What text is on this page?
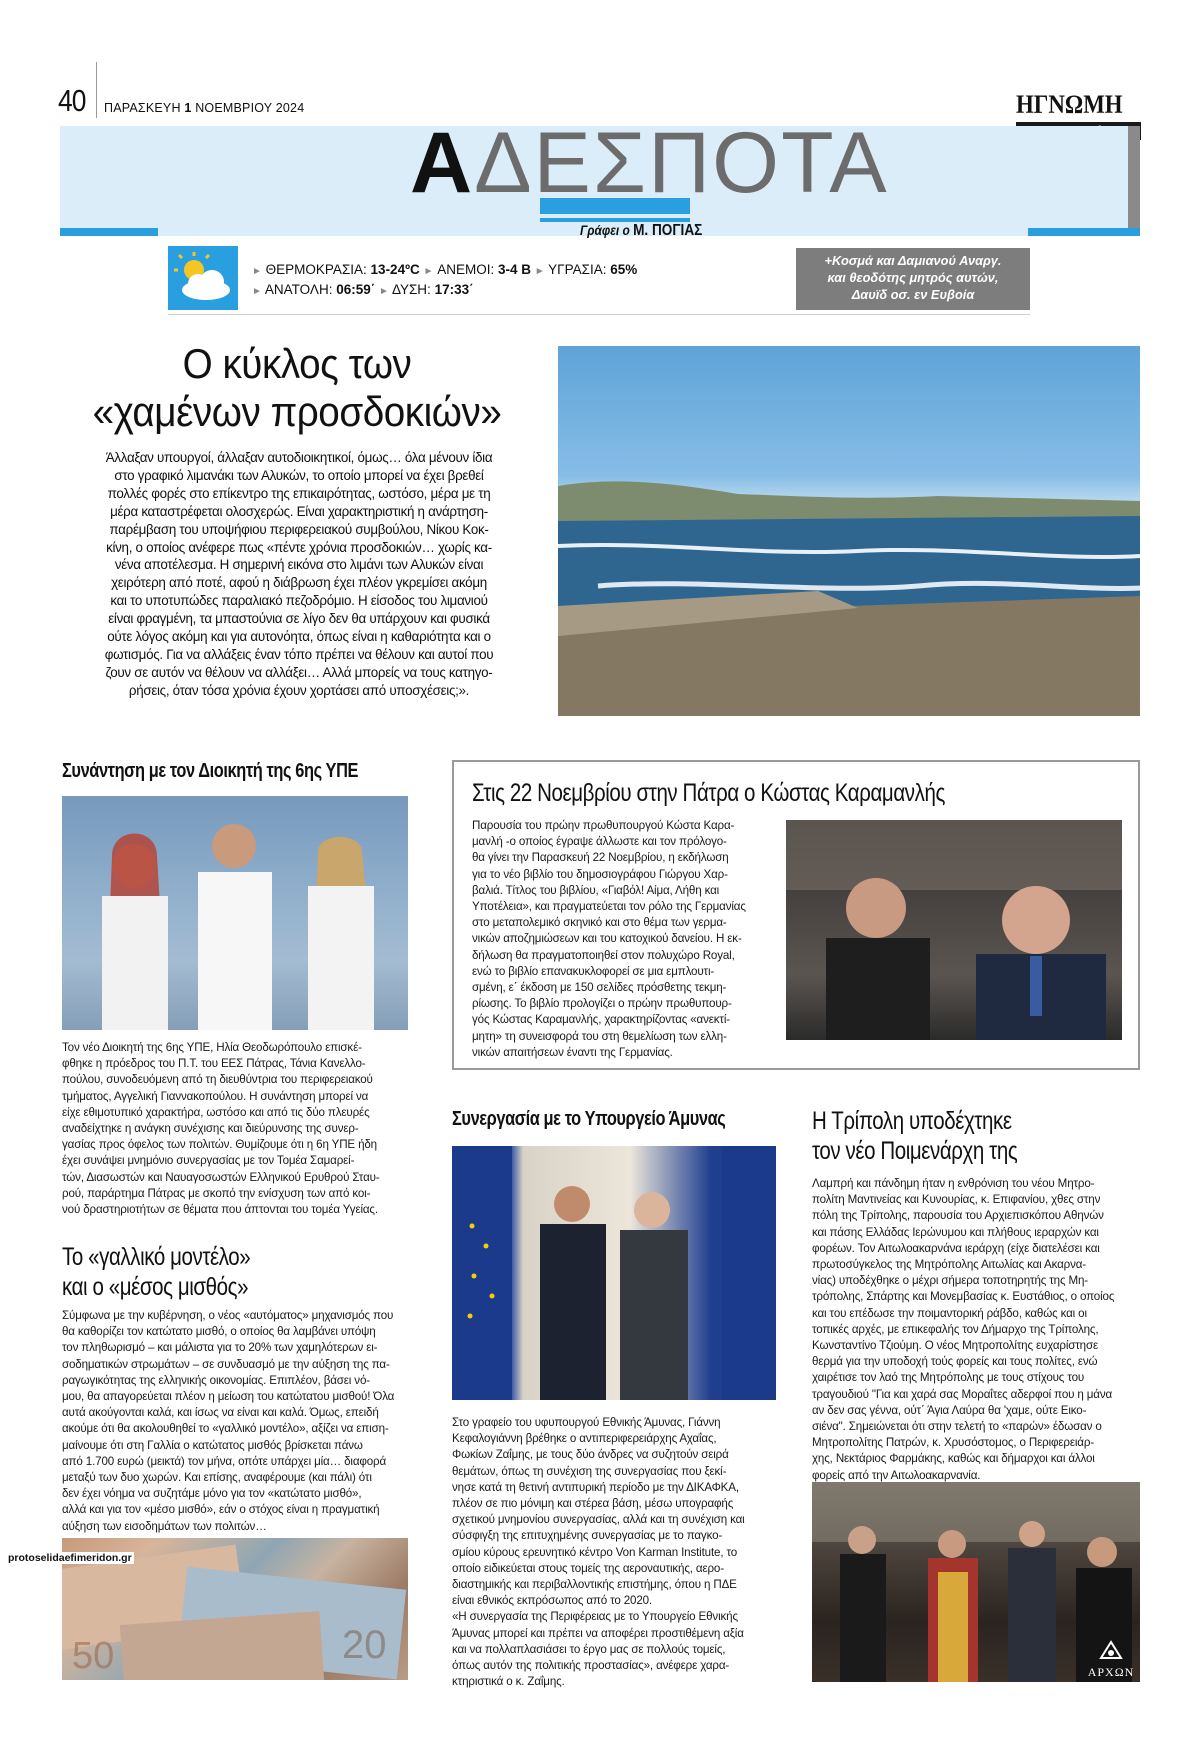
40 ΠΑΡΑΣΚΕΥΗ 1 ΝΟΕΜΒΡΙΟΥ 2024	ΗΓΝΩΜΗ
ΑΔΕΣΠΟΤΑ
Γράφει ο Μ. ΠΟΓΙΑΣ
► ΘΕΡΜΟΚΡΑΣΙΑ: 13-24ºC ► ΑΝΕΜΟΙ: 3-4 Β ► ΥΓΡΑΣΙΑ: 65%
► ΑΝΑΤΟΛΗ: 06:59΄ ► ΔΥΣΗ: 17:33΄
+Κοσμά και Δαμιανού Αναργ.
και θεοδότης μητρός αυτών,
Δαυϊδ οσ. εν Ευβοία
Ο κύκλος των
«χαμένων προσδοκιών»
Άλλαξαν υπουργοί, άλλαξαν αυτοδιοικητικοί, όμως… όλα μένουν ίδια
στο γραφικό λιμανάκι των Αλυκών, το οποίο μπορεί να έχει βρεθεί
πολλές φορές στο επίκεντρο της επικαιρότητας, ωστόσο, μέρα με τη
μέρα καταστρέφεται ολοσχερώς. Είναι χαρακτηριστική η ανάρτηση-
παρέμβαση του υποψήφιου περιφερειακού συμβούλου, Νίκου Κοκ-
κίνη, ο οποίος ανέφερε πως «πέντε χρόνια προσδοκιών… χωρίς κα-
νένα αποτέλεσμα. Η σημερινή εικόνα στο λιμάνι των Αλυκών είναι
χειρότερη από ποτέ, αφού η διάβρωση έχει πλέον γκρεμίσει ακόμη
και το υποτυπώδες παραλιακό πεζοδρόμιο. Η είσοδος του λιμανιού
είναι φραγμένη, τα μπαστούνια σε λίγο δεν θα υπάρχουν και φυσικά
ούτε λόγος ακόμη και για αυτονόητα, όπως είναι η καθαριότητα και ο
φωτισμός. Για να αλλάξεις έναν τόπο πρέπει να θέλουν και αυτοί που
ζουν σε αυτόν να θέλουν να αλλάξει… Αλλά μπορείς να τους κατηγο-
ρήσεις, όταν τόσα χρόνια έχουν χορτάσει από υποσχέσεις;».
Συνάντηση με τον Διοικητή της 6ης ΥΠΕ
Τον νέο Διοικητή της 6ης ΥΠΕ, Ηλία Θεοδωρόπουλο επισκέ-
φθηκε η πρόεδρος του Π.Τ. του ΕΕΣ Πάτρας, Τάνια Κανελλο-
πούλου, συνοδευόμενη από τη διευθύντρια του περιφερειακού
τμήματος, Αγγελική Γιαννακοπούλου. Η συνάντηση μπορεί να
είχε εθιμοτυπικό χαρακτήρα, ωστόσο και από τις δύο πλευρές
αναδείχτηκε η ανάγκη συνέχισης και διεύρυνσης της συνερ-
γασίας προς όφελος των πολιτών. Θυμίζουμε ότι η 6η ΥΠΕ ήδη
έχει συνάψει μνημόνιο συνεργασίας με τον Τομέα Σαμαρεί-
τών, Διασωστών και Ναυαγοσωστών Ελληνικού Ερυθρού Σταυ-
ρού, παράρτημα Πάτρας με σκοπό την ενίσχυση των από κοι-
νού δραστηριοτήτων σε θέματα που άπτονται του τομέα Υγείας.
Στις 22 Νοεμβρίου στην Πάτρα ο Κώστας Καραμανλής
Παρουσία του πρώην πρωθυπουργού Κώστα Καρα-
μανλή -ο οποίος έγραψε άλλωστε και τον πρόλογο-
θα γίνει την Παρασκευή 22 Νοεμβρίου, η εκδήλωση
για το νέο βιβλίο του δημοσιογράφου Γιώργου Χαρ-
βαλιά. Τίτλος του βιβλίου, «Γιαβόλ! Αίμα, Λήθη και
Υποτέλεια», και πραγματεύεται τον ρόλο της Γερμανίας
στο μεταπολεμικό σκηνικό και στο θέμα των γερμα-
νικών αποζημιώσεων και του κατοχικού δανείου. Η εκ-
δήλωση θα πραγματοποιηθεί στον πολυχώρο Royal,
ενώ το βιβλίο επανακυκλοφορεί σε μια εμπλουτι-
σμένη, ε΄ έκδοση με 150 σελίδες πρόσθετης τεκμη-
ρίωσης. Το βιβλίο προλογίζει ο πρώην πρωθυπουρ-
γός Κώστας Καραμανλής, χαρακτηρίζοντας «ανεκτί-
μητη» τη συνεισφορά του στη θεμελίωση των ελλη-
νικών απαιτήσεων έναντι της Γερμανίας.
Το «γαλλικό μοντέλο»
και ο «μέσος μισθός»
Σύμφωνα με την κυβέρνηση, ο νέος «αυτόματος» μηχανισμός που
θα καθορίζει τον κατώτατο μισθό, ο οποίος θα λαμβάνει υπόψη
τον πληθωρισμό – και μάλιστα για το 20% των χαμηλότερων ει-
σοδηματικών στρωμάτων – σε συνδυασμό με την αύξηση της πα-
ραγωγικότητας της ελληνικής οικονομίας. Επιπλέον, βάσει νό-
μου, θα απαγορεύεται πλέον η μείωση του κατώτατου μισθού! Όλα
αυτά ακούγονται καλά, και ίσως να είναι και καλά. Όμως, επειδή
ακούμε ότι θα ακολουθηθεί το «γαλλικό μοντέλο», αξίζει να επιση-
μαίνουμε ότι στη Γαλλία ο κατώτατος μισθός βρίσκεται πάνω
από 1.700 ευρώ (μεικτά) τον μήνα, οπότε υπάρχει μία… διαφορά
μεταξύ των δυο χωρών. Και επίσης, αναφέρουμε (και πάλι) ότι
δεν έχει νόημα να συζητάμε μόνο για τον «κατώτατο μισθό»,
αλλά και για τον «μέσο μισθό», εάν ο στόχος είναι η πραγματική
αύξηση των εισοδημάτων των πολιτών…
20
50
protoselidaefimeridon.gr
Συνεργασία με το Υπουργείο Άμυνας
Στο γραφείο του υφυπουργού Εθνικής Άμυνας, Γιάννη
Κεφαλογιάννη βρέθηκε ο αντιπεριφερειάρχης Αχαΐας,
Φωκίων Ζαΐμης, με τους δύο άνδρες να συζητούν σειρά
θεμάτων, όπως τη συνέχιση της συνεργασίας που ξεκί-
νησε κατά τη θετινή αντιπυρική περίοδο με την ΔΙΚΑΦΚΑ,
πλέον σε πιο μόνιμη και στέρεα βάση, μέσω υπογραφής
σχετικού μνημονίου συνεργασίας, αλλά και τη συνέχιση και
σύσφιγξη της επιτυχημένης συνεργασίας με το παγκο-
σμίου κύρους ερευνητικό κέντρο Von Karman Institute, το
οποίο ειδικεύεται στους τομείς της αεροναυτικής, αερο-
διαστημικής και περιβαλλοντικής επιστήμης, όπου η ΠΔΕ
είναι εθνικός εκπρόσωπος από το 2020.
«Η συνεργασία της Περιφέρειας με το Υπουργείο Εθνικής
Άμυνας μπορεί και πρέπει να αποφέρει προστιθέμενη αξία
και να πολλαπλασιάσει το έργο μας σε πολλούς τομείς,
όπως αυτόν της πολιτικής προστασίας», ανέφερε χαρα-
κτηριστικά ο κ. Ζαΐμης.
Η Τρίπολη υποδέχτηκε
τον νέο Ποιμενάρχη της
Λαμπρή και πάνδημη ήταν η ενθρόνιση του νέου Μητρο-
πολίτη Μαντινείας και Κυνουρίας, κ. Επιφανίου, χθες στην
πόλη της Τρίπολης, παρουσία του Αρχιεπισκόπου Αθηνών
και πάσης Ελλάδας Ιερώνυμου και πλήθους ιεραρχών και
φορέων. Τον Αιτωλοακαρνάνα ιεράρχη (είχε διατελέσει και
πρωτοσύγκελος της Μητρόπολης Αιτωλίας και Ακαρνα-
νίας) υποδέχθηκε ο μέχρι σήμερα τοποτηρητής της Μη-
τρόπολης, Σπάρτης και Μονεμβασίας κ. Ευστάθιος, ο οποίος
και του επέδωσε την ποιμαντορική ράβδο, καθώς και οι
τοπικές αρχές, με επικεφαλής τον Δήμαρχο της Τρίπολης,
Κωνσταντίνο Τζιούμη. Ο νέος Μητροπολίτης ευχαρίστησε
θερμά για την υποδοχή τούς φορείς και τους πολίτες, ενώ
χαιρέτισε τον λαό της Μητρόπολης με τους στίχους του
τραγουδιού "Για και χαρά σας Μοραΐτες αδερφοί που η μάνα
αν δεν σας γέννα, ούτ΄ Άγια Λαύρα θα 'χαμε, ούτε Εικο-
σιένα". Σημειώνεται ότι στην τελετή το «παρών» έδωσαν ο
Μητροπολίτης Πατρών, κ. Χρυσόστομος, ο Περιφερειάρ-
χης, Νεκτάριος Φαρμάκης, καθώς και δήμαρχοι και άλλοι
φορείς από την Αιτωλοακαρνανία.
ΑΡΧΩΝ
